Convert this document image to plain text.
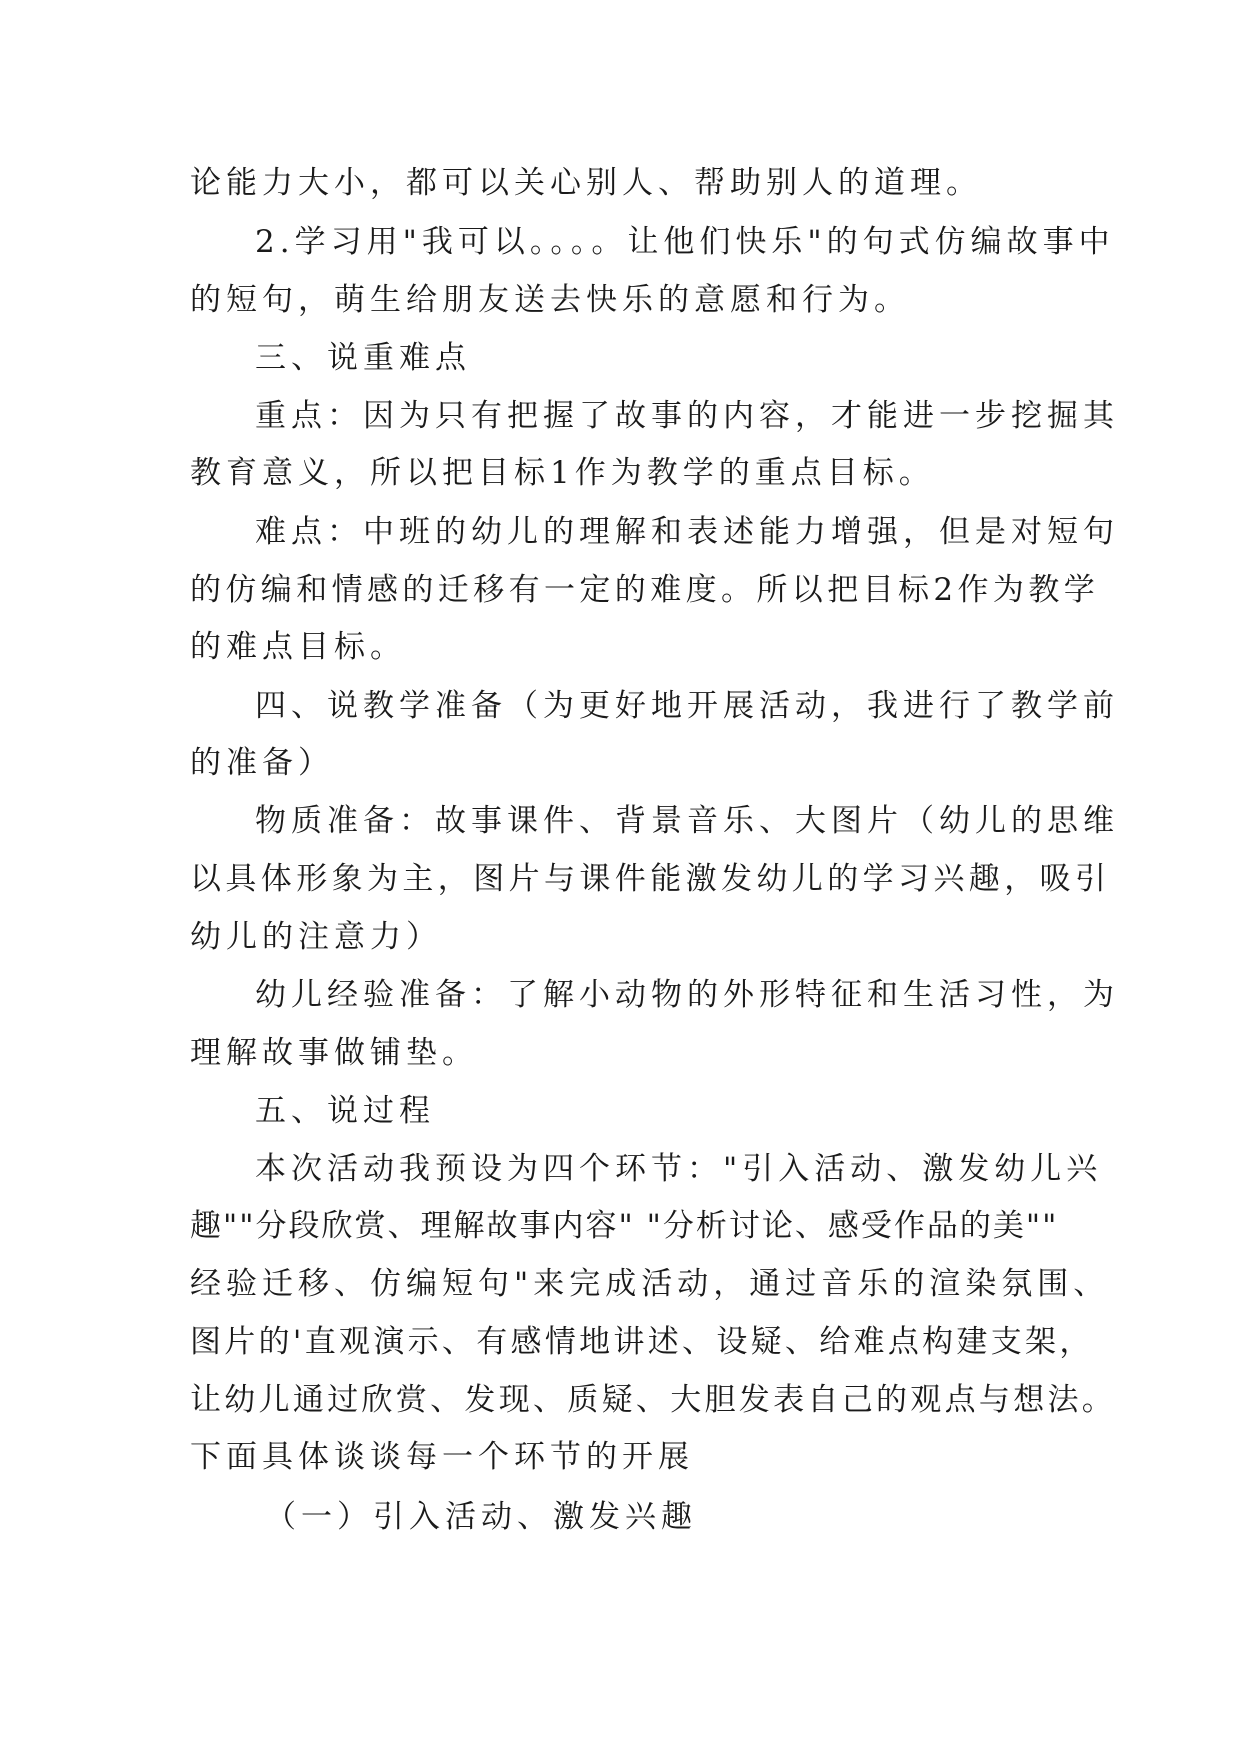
论能力大小，都可以关心别人、帮助别人的道理。
2.学习用"我可以。。。。让他们快乐"的句式仿编故事中
的短句，萌生给朋友送去快乐的意愿和行为。
三、说重难点
重点：因为只有把握了故事的内容，才能进一步挖掘其
教育意义，所以把目标1作为教学的重点目标。
难点：中班的幼儿的理解和表述能力增强，但是对短句
的仿编和情感的迁移有一定的难度。所以把目标2作为教学
的难点目标。
四、说教学准备（为更好地开展活动，我进行了教学前
的准备）
物质准备：故事课件、背景音乐、大图片（幼儿的思维
以具体形象为主，图片与课件能激发幼儿的学习兴趣，吸引
幼儿的注意力）
幼儿经验准备：了解小动物的外形特征和生活习性，为
理解故事做铺垫。
五、说过程
本次活动我预设为四个环节："引入活动、激发幼儿兴
趣""分段欣赏、理解故事内容" "分析讨论、感受作品的美""
经验迁移、仿编短句"来完成活动，通过音乐的渲染氛围、
图片的'直观演示、有感情地讲述、设疑、给难点构建支架，
让幼儿通过欣赏、发现、质疑、大胆发表自己的观点与想法。
下面具体谈谈每一个环节的开展
（一）引入活动、激发兴趣
